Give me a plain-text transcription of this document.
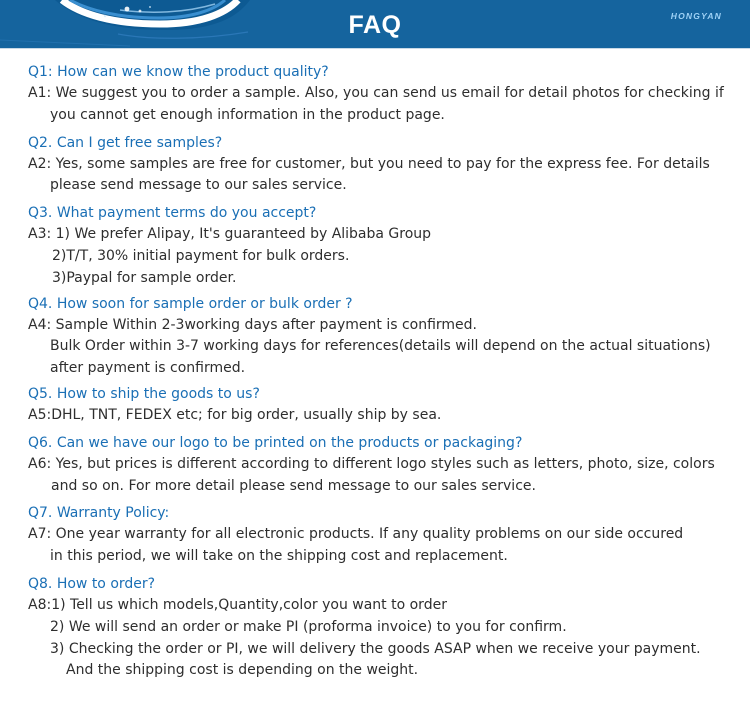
FAQ	HONGYAN
Q1: How can we know the product quality?
A1: We suggest you to order a sample. Also, you can send us email for detail photos for checking if
you cannot get enough information in the product page.
Q2. Can I get free samples?
A2: Yes, some samples are free for customer, but you need to pay for the express fee. For details
please send message to our sales service.
Q3. What payment terms do you accept?
A3: 1) We prefer Alipay, It's guaranteed by Alibaba Group
2)T/T, 30% initial payment for bulk orders.
3)Paypal for sample order.
Q4. How soon for sample order or bulk order ?
A4: Sample Within 2-3working days after payment is confirmed.
Bulk Order within 3-7 working days for references(details will depend on the actual situations)
after payment is confirmed.
Q5. How to ship the goods to us?
A5:DHL, TNT, FEDEX etc; for big order, usually ship by sea.
Q6. Can we have our logo to be printed on the products or packaging?
A6: Yes, but prices is different according to different logo styles such as letters, photo, size, colors
and so on. For more detail please send message to our sales service.
Q7. Warranty Policy:
A7: One year warranty for all electronic products. If any quality problems on our side occured
in this period, we will take on the shipping cost and replacement.
Q8. How to order?
A8:1) Tell us which models,Quantity,color you want to order
2) We will send an order or make PI (proforma invoice) to you for confirm.
3) Checking the order or PI, we will delivery the goods ASAP when we receive your payment.
And the shipping cost is depending on the weight.
